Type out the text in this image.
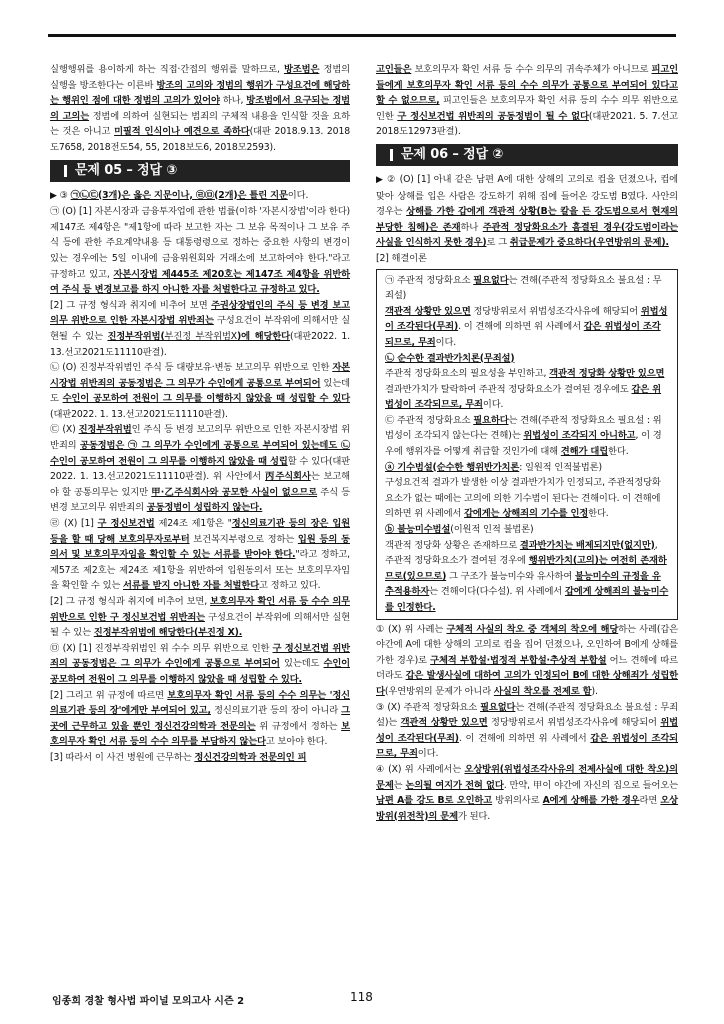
실행행위를 용이하게 하는 직접·간접의 행위를 말하므로, 방조범은 정범의 실행을 방조한다는 이른바 방조의 고의와 정범의 행위가 구성요건에 해당하는 행위인 점에 대한 정범의 고의가 있어야 하나, 방조범에서 요구되는 정범의 고의는 정범에 의하여 실현되는 범죄의 구체적 내용을 인식할 것을 요하는 것은 아니고 미필적 인식이나 예견으로 족하다(대판 2018.9.13. 2018도7658, 2018전도54, 55, 2018보도6, 2018모2593).

문제 05 – 정답 ③

▶ ③ ㉠㉡㉢(3개)은 옳은 지문이나, ㉣㉤(2개)은 틀린 지문이다.

㉠ (O) [1] 자본시장과 금융투자업에 관한 법률(이하 '자본시장법'이라 한다) 제147조 제4항은 "제1항에 따라 보고한 자는 그 보유 목적이나 그 보유 주식 등에 관한 주요계약내용 등 대통령령으로 정하는 중요한 사항의 변경이 있는 경우에는 5일 이내에 금융위원회와 거래소에 보고하여야 한다."라고 규정하고 있고, 자본시장법 제445조 제20호는 제147조 제4항을 위반하여 주식 등 변경보고를 하지 아니한 자를 처벌한다고 규정하고 있다.

[2] 그 규정 형식과 취지에 비추어 보면 주권상장법인의 주식 등 변경 보고의무 위반으로 인한 자본시장법 위반죄는 구성요건이 부작위에 의해서만 실현될 수 있는 진정부작위범(부진정 부작위범X)에 해당한다(대판2022. 1. 13.선고2021도11110판결).

㉡ (O) 진정부작위범인 주식 등 대량보유·변동 보고의무 위반으로 인한 자본시장법 위반죄의 공동정범은 그 의무가 수인에게 공통으로 부여되어 있는데도 수인이 공모하여 전원이 그 의무를 이행하지 않았을 때 성립할 수 있다(대판2022. 1. 13.선고2021도11110판결).

㉢ (X) 진정부작위범인 주식 등 변경 보고의무 위반으로 인한 자본시장법 위반죄의 공동정범은 ㉠ 그 의무가 수인에게 공통으로 부여되어 있는데도 ㉡ 수인이 공모하여 전원이 그 의무를 이행하지 않았을 때 성립할 수 있다(대판2022. 1. 13.선고2021도11110판결). 위 사안에서 丙주식회사는 보고해야 할 공통의무는 있지만 甲·乙주식회사와 공모한 사실이 없으므로 주식 등 변경 보고의무 위반죄의 공동정범이 성립하지 않는다.

㉣ (X) [1] 구 정신보건법 제24조 제1항은 "정신의료기관 등의 장은 입원 등을 할 때 당해 보호의무자로부터 보건복지부령으로 정하는 입원 등의 동의서 및 보호의무자임을 확인할 수 있는 서류를 받아야 한다."라고 정하고, 제57조 제2호는 제24조 제1항을 위반하여 입원동의서 또는 보호의무자임을 확인할 수 있는 서류를 받지 아니한 자를 처벌한다고 정하고 있다.

[2] 그 규정 형식과 취지에 비추어 보면, 보호의무자 확인 서류 등 수수 의무 위반으로 인한 구 정신보건법 위반죄는 구성요건이 부작위에 의해서만 실현될 수 있는 진정부작위범에 해당한다(부진정 X).

㉤ (X) [1] 진정부작위범인 위 수수 의무 위반으로 인한 구 정신보건법 위반죄의 공동정범은 그 의무가 수인에게 공통으로 부여되어 있는데도 수인이 공모하여 전원이 그 의무를 이행하지 않았을 때 성립할 수 있다.

[2] 그리고 위 규정에 따르면 보호의무자 확인 서류 등의 수수 의무는 '정신의료기관 등의 장'에게만 부여되어 있고, 정신의료기관 등의 장이 아니라 그곳에 근무하고 있을 뿐인 정신건강의학과 전문의는 위 규정에서 정하는 보호의무자 확인 서류 등의 수수 의무를 부담하지 않는다고 보아야 한다.

[3] 따라서 이 사건 병원에 근무하는 정신건강의학과 전문의인 피

고인들은 보호의무자 확인 서류 등 수수 의무의 귀속주체가 아니므로 피고인들에게 보호의무자 확인 서류 등의 수수 의무가 공통으로 부여되어 있다고 할 수 없으므로, 피고인들은 보호의무자 확인 서류 등의 수수 의무 위반으로 인한 구 정신보건법 위반죄의 공동정범이 될 수 없다(대판2021. 5. 7.선고2018도12973판결).

문제 06 – 정답 ②

▶ ② (O) [1] 아내 같은 남편 A에 대한 상해의 고의로 컵을 던졌으나, 컵에 맞아 상해를 입은 사람은 강도하기 위해 집에 들어온 강도범 B였다. 사안의 경우는 상해를 가한 갑에게 객관적 상황(B는 칼을 든 강도범으로서 현재의 부당한 침해)은 존재하나 주관적 정당화요소가 흠결된 경우(강도범이라는 사실을 인식하지 못한 경우)로 그 취급문제가 중요하다(우연방위의 문제).

[2] 해결이론

㉠ 주관적 정당화요소 필요없다는 견해(주관적 정당화요소 불요설 : 무죄설)

객관적 상황만 있으면 정당방위로서 위법성조각사유에 해당되어 위법성이 조각된다(무죄). 이 견해에 의하면 위 사례에서 갑은 위법성이 조각되므로, 무죄이다.

㉡ 순수한 결과반가치론(무죄설)

주관적 정당화요소의 필요성을 부인하고, 객관적 정당화 상황만 있으면 결과반가치가 탈락하여 주관적 정당화요소가 결여된 경우에도 갑은 위법성이 조각되므로, 무죄이다.

㉢ 주관적 정당화요소 필요하다는 견해(주관적 정당화요소 필요설 : 위법성이 조각되지 않는다는 견해)는 위법성이 조각되지 아니하고, 이 경우에 행위자를 어떻게 취급할 것인가에 대해 견해가 대립한다.

ⓐ 기수범설(순수한 행위반가치론: 일원적 인적불법론)

구성요건적 결과가 발생한 이상 결과반가치가 인정되고, 주관적정당화요소가 없는 때에는 고의에 의한 기수범이 된다는 견해이다. 이 견해에 의하면 위 사례에서 갑에게는 상해죄의 기수를 인정한다.

ⓑ 불능미수범설(이원적 인적 불법론)

객관적 정당화 상황은 존재하므로 결과반가치는 배제되지만(없지만), 주관적 정당화요소가 결여된 경우에 행위반가치(고의)는 여전히 존재하므로(있으므로) 그 구조가 불능미수와 유사하여 불능미수의 규정을 유추적용하자는 견해이다(다수설). 위 사례에서 갑에게 상해죄의 불능미수를 인정한다.

① (X) 위 사례는 구체적 사실의 착오 중 객체의 착오에 해당하는 사례(갑은 야간에 A에 대한 상해의 고의로 컵을 집어 던졌으나, 오인하여 B에게 상해를 가한 경우)로 구체적 부합설·법정적 부합설·추상적 부합설 어느 견해에 따르더라도 갑은 발생사실에 대하여 고의가 인정되어 B에 대한 상해죄가 성립한다(우연방위의 문제가 아니라 사실의 착오를 전제로 함).

③ (X) 주관적 정당화요소 필요없다는 견해(주관적 정당화요소 불요설 : 무죄설)는 객관적 상황만 있으면 정당방위로서 위법성조각사유에 해당되어 위법성이 조각된다(무죄). 이 견해에 의하면 위 사례에서 갑은 위법성이 조각되므로, 무죄이다.

④ (X) 위 사례에서는 오상방위(위법성조각사유의 전제사실에 대한 착오)의 문제는 논의될 여지가 전혀 없다. 만약, 甲이 야간에 자신의 집으로 들어오는 남편 A를 강도 B로 오인하고 방위의사로 A에게 상해를 가한 경우라면 오상방위(위전착)의 문제가 된다.

임종희 경찰 형사법 파이널 모의고사 시즌 2	118
